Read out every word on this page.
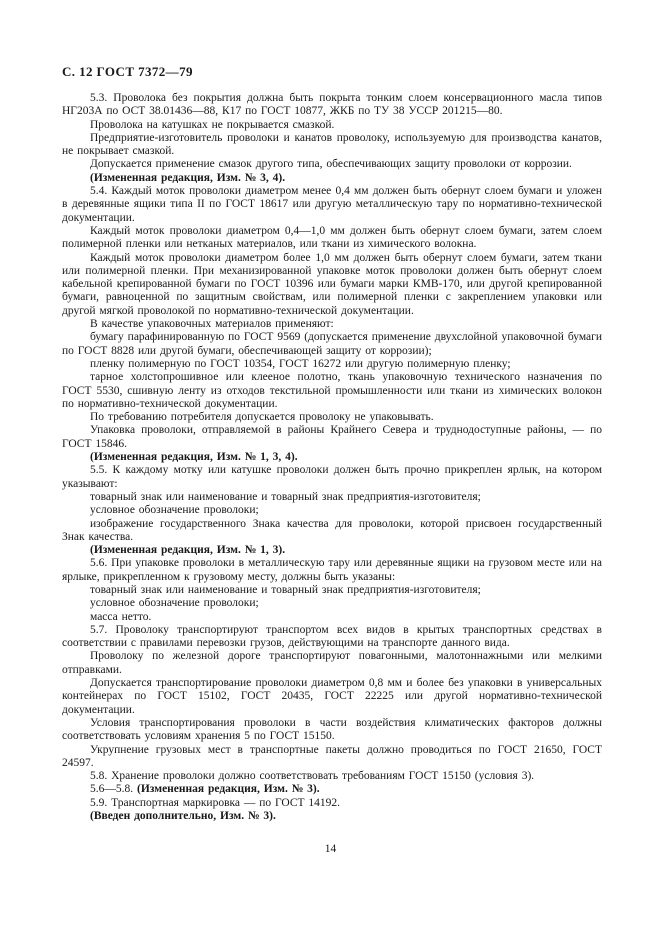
С. 12 ГОСТ 7372—79

5.3. Проволока без покрытия должна быть покрыта тонким слоем консервационного масла типов НГ203А по ОСТ 38.01436—88, К17 по ГОСТ 10877, ЖКБ по ТУ 38 УССР 201215—80.

Проволока на катушках не покрывается смазкой.

Предприятие-изготовитель проволоки и канатов проволоку, используемую для производства канатов, не покрывает смазкой.

Допускается применение смазок другого типа, обеспечивающих защиту проволоки от коррозии.

(Измененная редакция, Изм. № 3, 4).

5.4. Каждый моток проволоки диаметром менее 0,4 мм должен быть обернут слоем бумаги и уложен в деревянные ящики типа II по ГОСТ 18617 или другую металлическую тару по нормативно-технической документации.

Каждый моток проволоки диаметром 0,4—1,0 мм должен быть обернут слоем бумаги, затем слоем полимерной пленки или нетканых материалов, или ткани из химического волокна.

Каждый моток проволоки диаметром более 1,0 мм должен быть обернут слоем бумаги, затем ткани или полимерной пленки. При механизированной упаковке моток проволоки должен быть обернут слоем кабельной крепированной бумаги по ГОСТ 10396 или бумаги марки КМВ-170, или другой крепированной бумаги, равноценной по защитным свойствам, или полимерной пленки с закреплением упаковки или другой мягкой проволокой по нормативно-технической документации.

В качестве упаковочных материалов применяют:

бумагу парафинированную по ГОСТ 9569 (допускается применение двухслойной упаковочной бумаги по ГОСТ 8828 или другой бумаги, обеспечивающей защиту от коррозии);

пленку полимерную по ГОСТ 10354, ГОСТ 16272 или другую полимерную пленку;

тарное холстопрошивное или клееное полотно, ткань упаковочную технического назначения по ГОСТ 5530, сшивную ленту из отходов текстильной промышленности или ткани из химических волокон по нормативно-технической документации.

По требованию потребителя допускается проволоку не упаковывать.

Упаковка проволоки, отправляемой в районы Крайнего Севера и труднодоступные районы, — по ГОСТ 15846.

(Измененная редакция, Изм. № 1, 3, 4).

5.5. К каждому мотку или катушке проволоки должен быть прочно прикреплен ярлык, на котором указывают:

товарный знак или наименование и товарный знак предприятия-изготовителя;

условное обозначение проволоки;

изображение государственного Знака качества для проволоки, которой присвоен государственный Знак качества.

(Измененная редакция, Изм. № 1, 3).

5.6. При упаковке проволоки в металлическую тару или деревянные ящики на грузовом месте или на ярлыке, прикрепленном к грузовому месту, должны быть указаны:

товарный знак или наименование и товарный знак предприятия-изготовителя;

условное обозначение проволоки;

масса нетто.

5.7. Проволоку транспортируют транспортом всех видов в крытых транспортных средствах в соответствии с правилами перевозки грузов, действующими на транспорте данного вида.

Проволоку по железной дороге транспортируют повагонными, малотоннажными или мелкими отправками.

Допускается транспортирование проволоки диаметром 0,8 мм и более без упаковки в универсальных контейнерах по ГОСТ 15102, ГОСТ 20435, ГОСТ 22225 или другой нормативно-технической документации.

Условия транспортирования проволоки в части воздействия климатических факторов должны соответствовать условиям хранения 5 по ГОСТ 15150.

Укрупнение грузовых мест в транспортные пакеты должно проводиться по ГОСТ 21650, ГОСТ 24597.

5.8. Хранение проволоки должно соответствовать требованиям ГОСТ 15150 (условия 3).

5.6—5.8. (Измененная редакция, Изм. № 3).

5.9. Транспортная маркировка — по ГОСТ 14192.

(Введен дополнительно, Изм. № 3).

14
